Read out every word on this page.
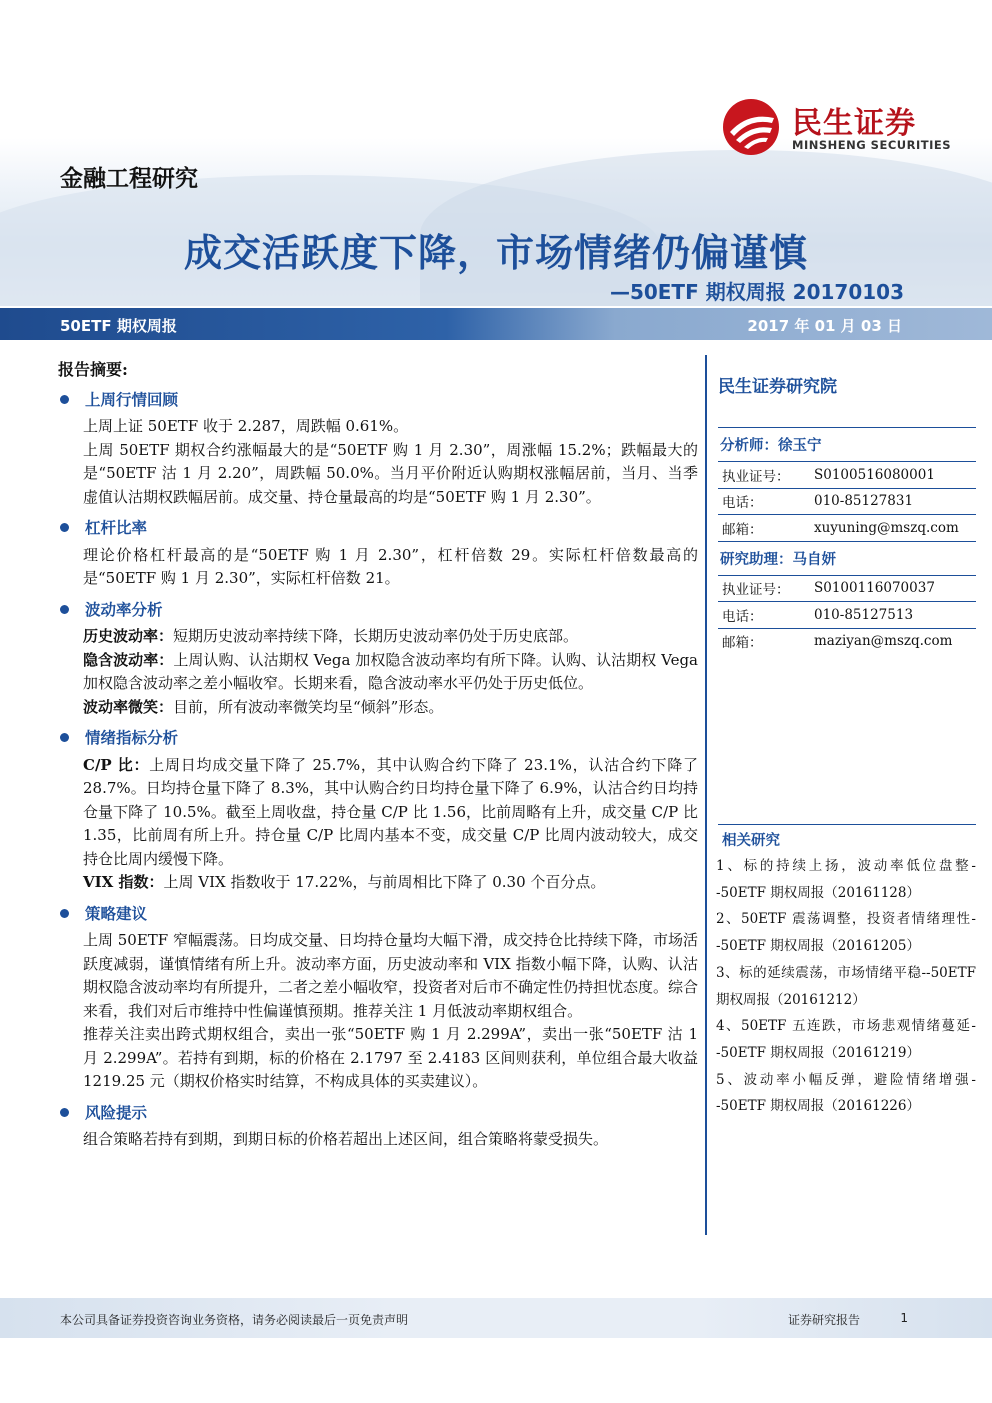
民生证券
MINSHENG SECURITIES
金融工程研究
成交活跃度下降，市场情绪仍偏谨慎
—50ETF 期权周报 20170103
50ETF 期权周报	2017 年 01 月 03 日
报告摘要:
上周行情回顾
上周上证 50ETF 收于 2.287，周跌幅 0.61%。
上周 50ETF 期权合约涨幅最大的是“50ETF 购 1 月 2.30”，周涨幅 15.2%；跌幅最大的是“50ETF 沽 1 月 2.20”，周跌幅 50.0%。当月平价附近认购期权涨幅居前，当月、当季虚值认沽期权跌幅居前。成交量、持仓量最高的均是“50ETF 购 1 月 2.30”。
杠杆比率
理论价格杠杆最高的是“50ETF 购 1 月 2.30”，杠杆倍数 29。实际杠杆倍数最高的是“50ETF 购 1 月 2.30”，实际杠杆倍数 21。
波动率分析
历史波动率：短期历史波动率持续下降，长期历史波动率仍处于历史底部。
隐含波动率：上周认购、认沽期权 Vega 加权隐含波动率均有所下降。认购、认沽期权 Vega 加权隐含波动率之差小幅收窄。长期来看，隐含波动率水平仍处于历史低位。
波动率微笑：目前，所有波动率微笑均呈“倾斜”形态。
情绪指标分析
C/P 比：上周日均成交量下降了 25.7%，其中认购合约下降了 23.1%，认沽合约下降了 28.7%。日均持仓量下降了 8.3%，其中认购合约日均持仓量下降了 6.9%，认沽合约日均持仓量下降了 10.5%。截至上周收盘，持仓量 C/P 比 1.56，比前周略有上升，成交量 C/P 比 1.35，比前周有所上升。持仓量 C/P 比周内基本不变，成交量 C/P 比周内波动较大，成交持仓比周内缓慢下降。
VIX 指数：上周 VIX 指数收于 17.22%，与前周相比下降了 0.30 个百分点。
策略建议
上周 50ETF 窄幅震荡。日均成交量、日均持仓量均大幅下滑，成交持仓比持续下降，市场活跃度减弱，谨慎情绪有所上升。波动率方面，历史波动率和 VIX 指数小幅下降，认购、认沽期权隐含波动率均有所提升，二者之差小幅收窄，投资者对后市不确定性仍持担忧态度。综合来看，我们对后市维持中性偏谨慎预期。推荐关注 1 月低波动率期权组合。
推荐关注卖出跨式期权组合，卖出一张“50ETF 购 1 月 2.299A”，卖出一张“50ETF 沽 1 月 2.299A”。若持有到期，标的价格在 2.1797 至 2.4183 区间则获利，单位组合最大收益 1219.25 元（期权价格实时结算，不构成具体的买卖建议）。
风险提示
组合策略若持有到期，到期日标的价格若超出上述区间，组合策略将蒙受损失。
民生证券研究院
分析师：徐玉宁
执业证号：	S0100516080001
电话：	010-85127831
邮箱：	xuyuning@mszq.com
研究助理：马自妍
执业证号：	S0100116070037
电话：	010-85127513
邮箱：	maziyan@mszq.com
相关研究
1、标的持续上扬，波动率低位盘整--50ETF 期权周报（20161128）
2、50ETF 震荡调整，投资者情绪理性--50ETF 期权周报（20161205）
3、标的延续震荡，市场情绪平稳--50ETF 期权周报（20161212）
4、50ETF 五连跌，市场悲观情绪蔓延--50ETF 期权周报（20161219）
5、波动率小幅反弹，避险情绪增强--50ETF 期权周报（20161226）
本公司具备证券投资咨询业务资格，请务必阅读最后一页免责声明	证券研究报告	1
